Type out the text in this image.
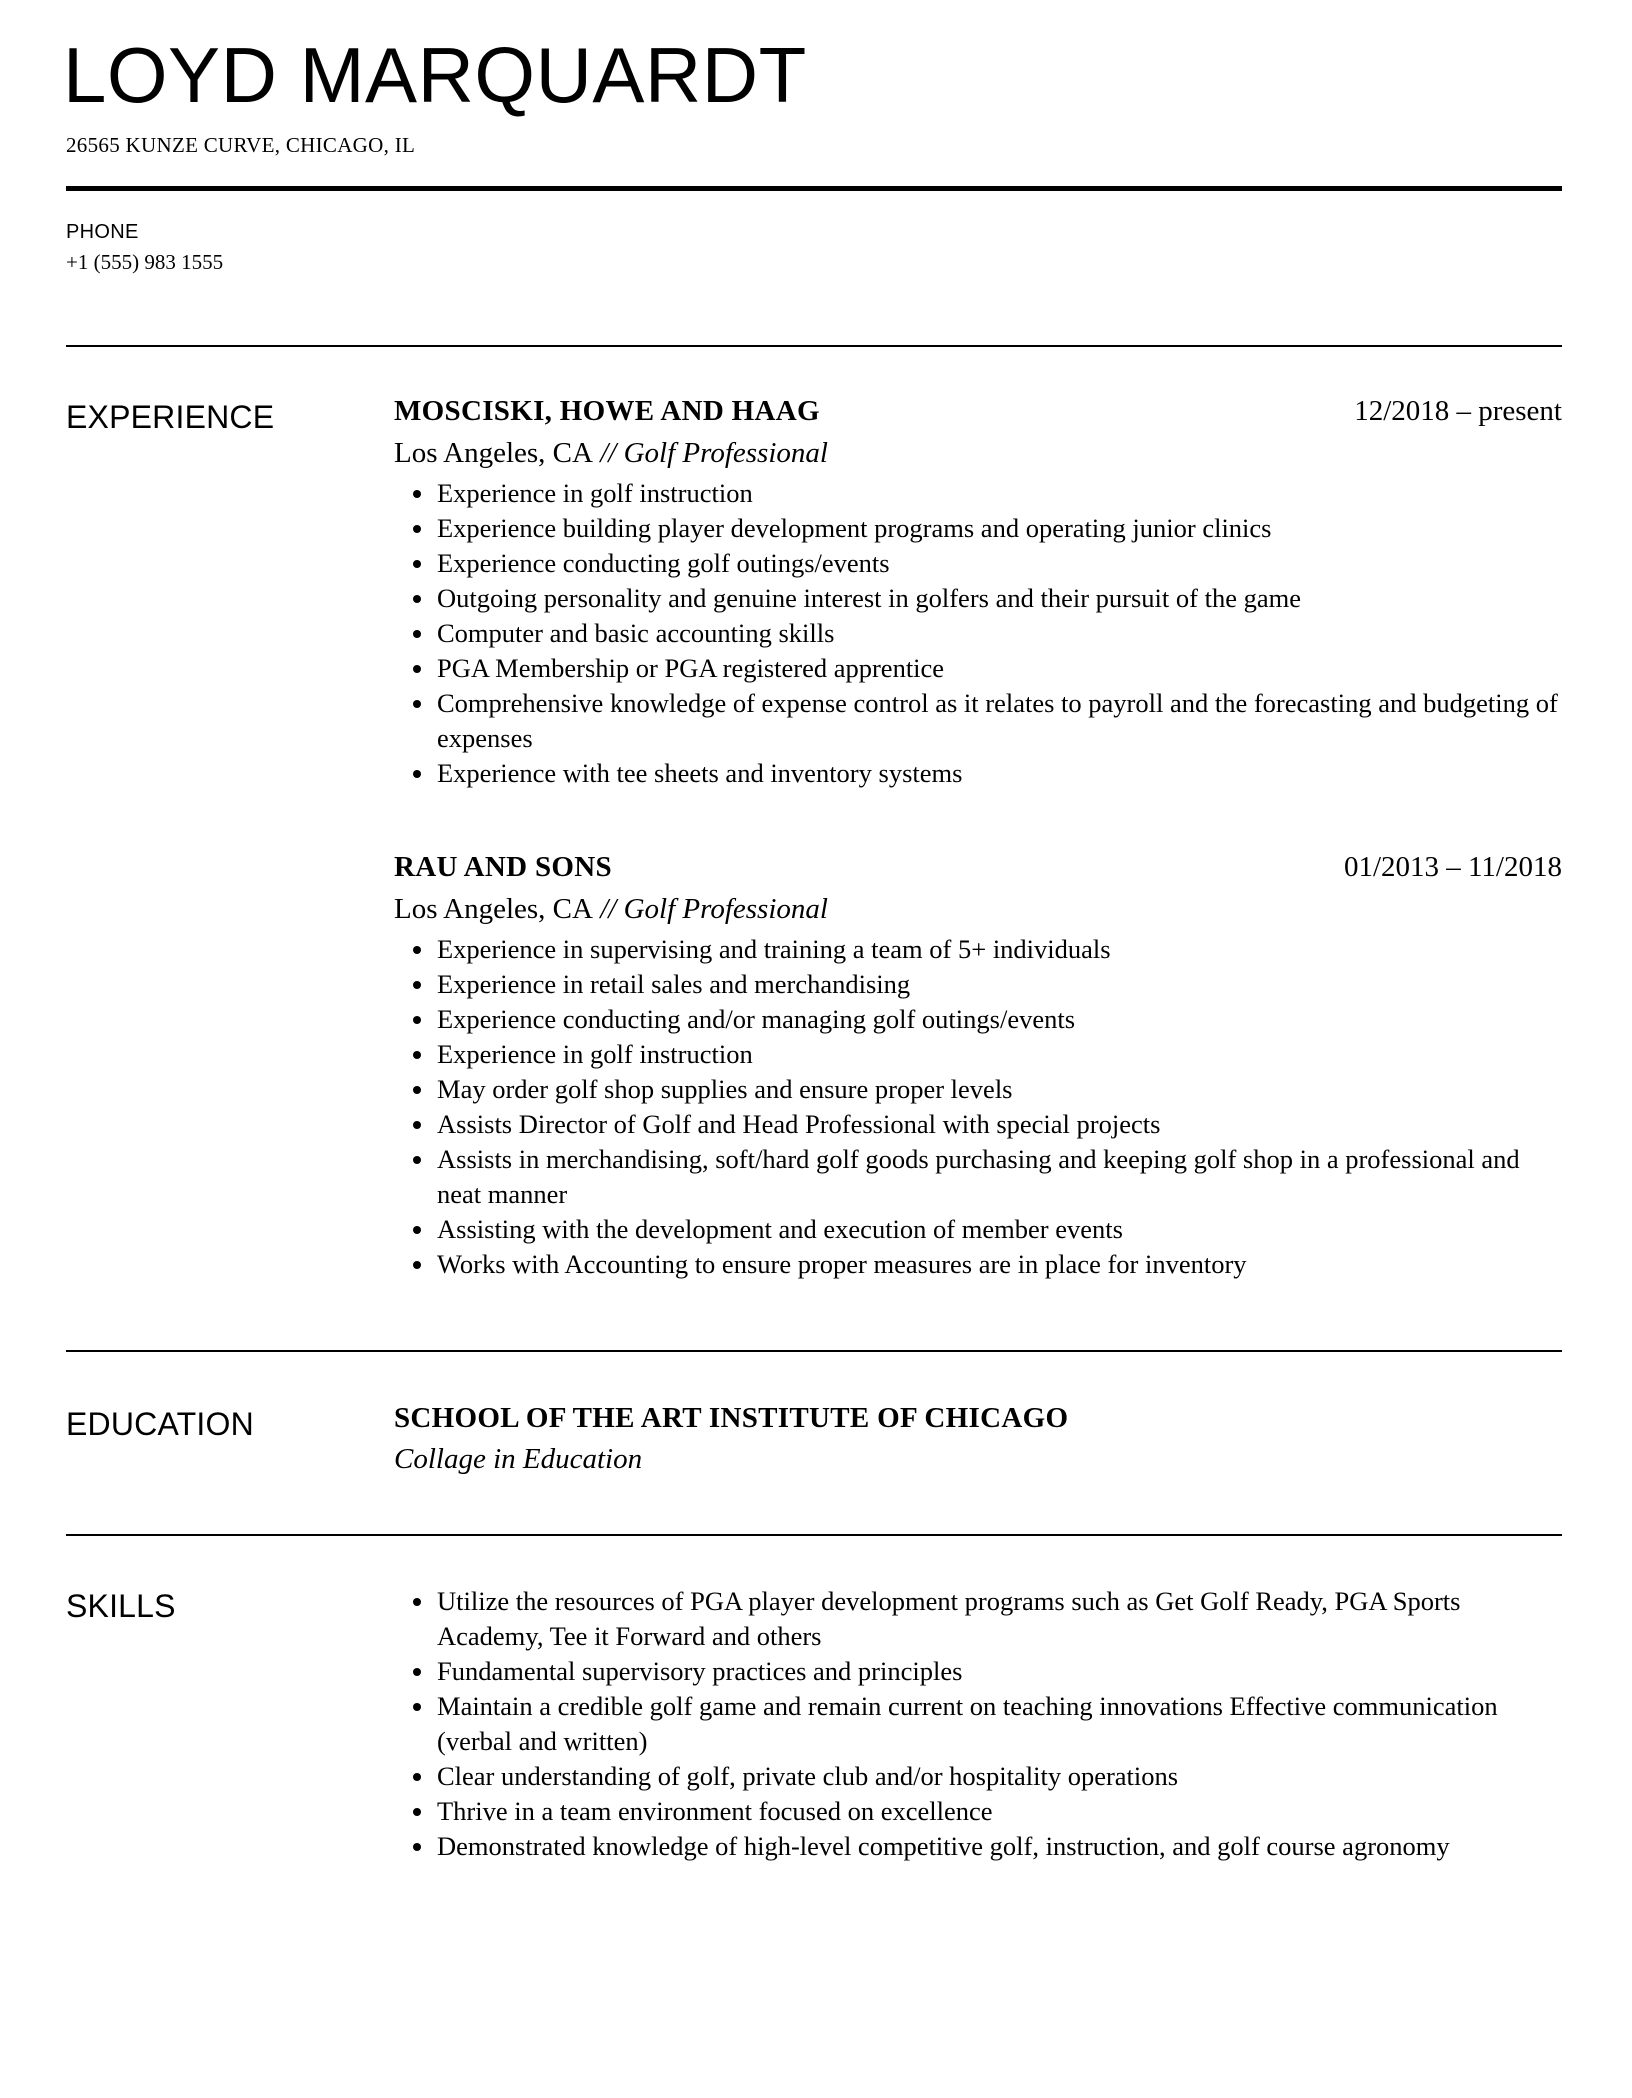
LOYD MARQUARDT
26565 KUNZE CURVE, CHICAGO, IL
PHONE
+1 (555) 983 1555
EXPERIENCE	MOSCISKI, HOWE AND HAAG	12/2018 – present
Los Angeles, CA // Golf Professional
• Experience in golf instruction
• Experience building player development programs and operating junior clinics
• Experience conducting golf outings/events
• Outgoing personality and genuine interest in golfers and their pursuit of the game
• Computer and basic accounting skills
• PGA Membership or PGA registered apprentice
• Comprehensive knowledge of expense control as it relates to payroll and the forecasting and budgeting of expenses
• Experience with tee sheets and inventory systems
RAU AND SONS	01/2013 – 11/2018
Los Angeles, CA // Golf Professional
• Experience in supervising and training a team of 5+ individuals
• Experience in retail sales and merchandising
• Experience conducting and/or managing golf outings/events
• Experience in golf instruction
• May order golf shop supplies and ensure proper levels
• Assists Director of Golf and Head Professional with special projects
• Assists in merchandising, soft/hard golf goods purchasing and keeping golf shop in a professional and neat manner
• Assisting with the development and execution of member events
• Works with Accounting to ensure proper measures are in place for inventory
EDUCATION	SCHOOL OF THE ART INSTITUTE OF CHICAGO
Collage in Education
SKILLS
•	Utilize the resources of PGA player development programs such as Get Golf Ready, PGA Sports Academy, Tee it Forward and others
• Fundamental supervisory practices and principles
• Maintain a credible golf game and remain current on teaching innovations Effective communication (verbal and written)
• Clear understanding of golf, private club and/or hospitality operations
• Thrive in a team environment focused on excellence
• Demonstrated knowledge of high-level competitive golf, instruction, and golf course agronomy
